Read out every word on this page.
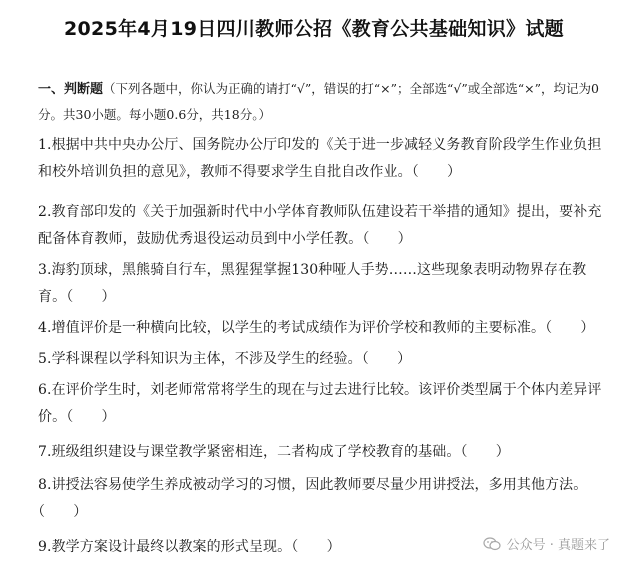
2025年4月19日四川教师公招《教育公共基础知识》试题
一、判断题（下列各题中，你认为正确的请打“√”，错误的打“×”；全部选“√”或全部选“×”，均记为0分。共30小题。每小题0.6分，共18分。）
1.根据中共中央办公厅、国务院办公厅印发的《关于进一步减轻义务教育阶段学生作业负担和校外培训负担的意见》，教师不得要求学生自批自改作业。（　　）
2.教育部印发的《关于加强新时代中小学体育教师队伍建设若干举措的通知》提出，要补充配备体育教师，鼓励优秀退役运动员到中小学任教。（　　）
3.海豹顶球，黑熊骑自行车，黑猩猩掌握130种哑人手势……这些现象表明动物界存在教育。（　　）
4.增值评价是一种横向比较，以学生的考试成绩作为评价学校和教师的主要标准。（　　）
5.学科课程以学科知识为主体，不涉及学生的经验。（　　）
6.在评价学生时，刘老师常常将学生的现在与过去进行比较。该评价类型属于个体内差异评价。（　　）
7.班级组织建设与课堂教学紧密相连，二者构成了学校教育的基础。（　　）
8.讲授法容易使学生养成被动学习的习惯，因此教师要尽量少用讲授法，多用其他方法。（　　）
9.教学方案设计最终以教案的形式呈现。（　　）	公众号 · 真题来了
